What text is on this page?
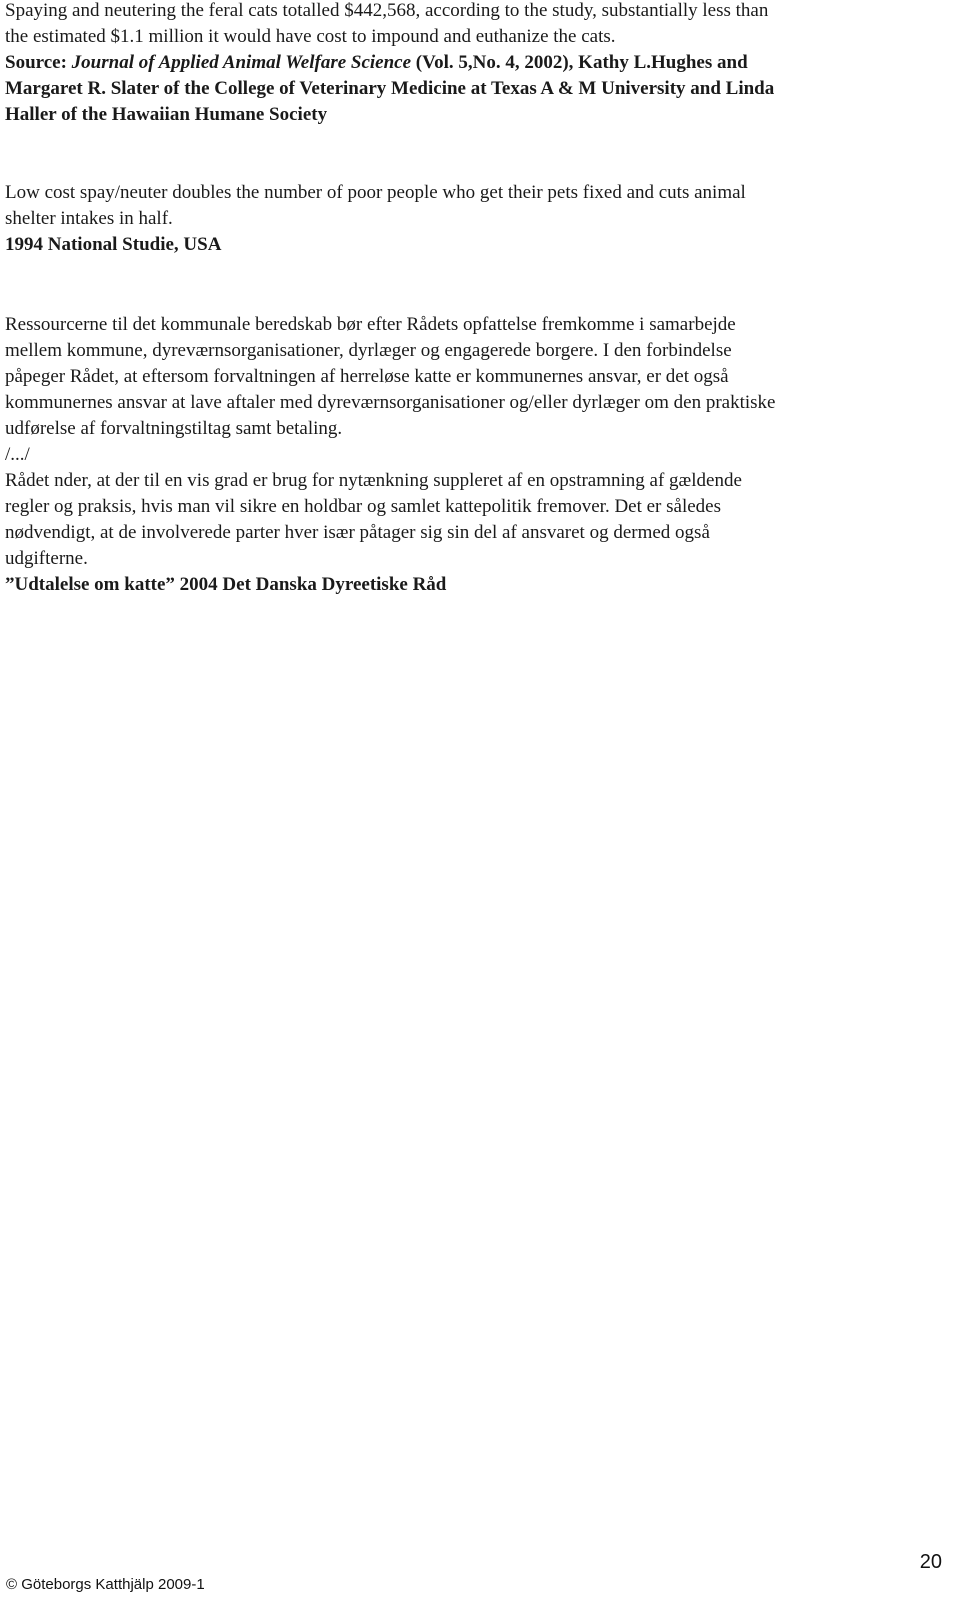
Spaying and neutering the feral cats totalled $442,568, according to the study, substantially less than
the estimated $1.1 million it would have cost to impound and euthanize the cats.
Source: Journal of Applied Animal Welfare Science (Vol. 5,No. 4, 2002), Kathy L.Hughes and
Margaret R. Slater of the College of Veterinary Medicine at Texas A & M University and Linda
Haller of the Hawaiian Humane Society
Low cost spay/neuter doubles the number of poor people who get their pets fixed and cuts animal
shelter intakes in half.
1994 National Studie, USA
Ressourcerne til det kommunale beredskab bør efter Rådets opfattelse fremkomme i samarbejde
mellem kommune, dyreværnsorganisationer, dyrlæger og engagerede borgere. I den forbindelse
påpeger Rådet, at eftersom forvaltningen af herreløse katte er kommunernes ansvar, er det også
kommunernes ansvar at lave aftaler med dyreværnsorganisationer og/eller dyrlæger om den praktiske
udførelse af forvaltningstiltag samt betaling.
/.../
Rådet nder, at der til en vis grad er brug for nytænkning suppleret af en opstramning af gældende
regler og praksis, hvis man vil sikre en holdbar og samlet kattepolitik fremover. Det er således
nødvendigt, at de involverede parter hver især påtager sig sin del af ansvaret og dermed også
udgifterne.
”Udtalelse om katte” 2004 Det Danska Dyreetiske Råd
© Göteborgs Katthjälp 2009-1
20
